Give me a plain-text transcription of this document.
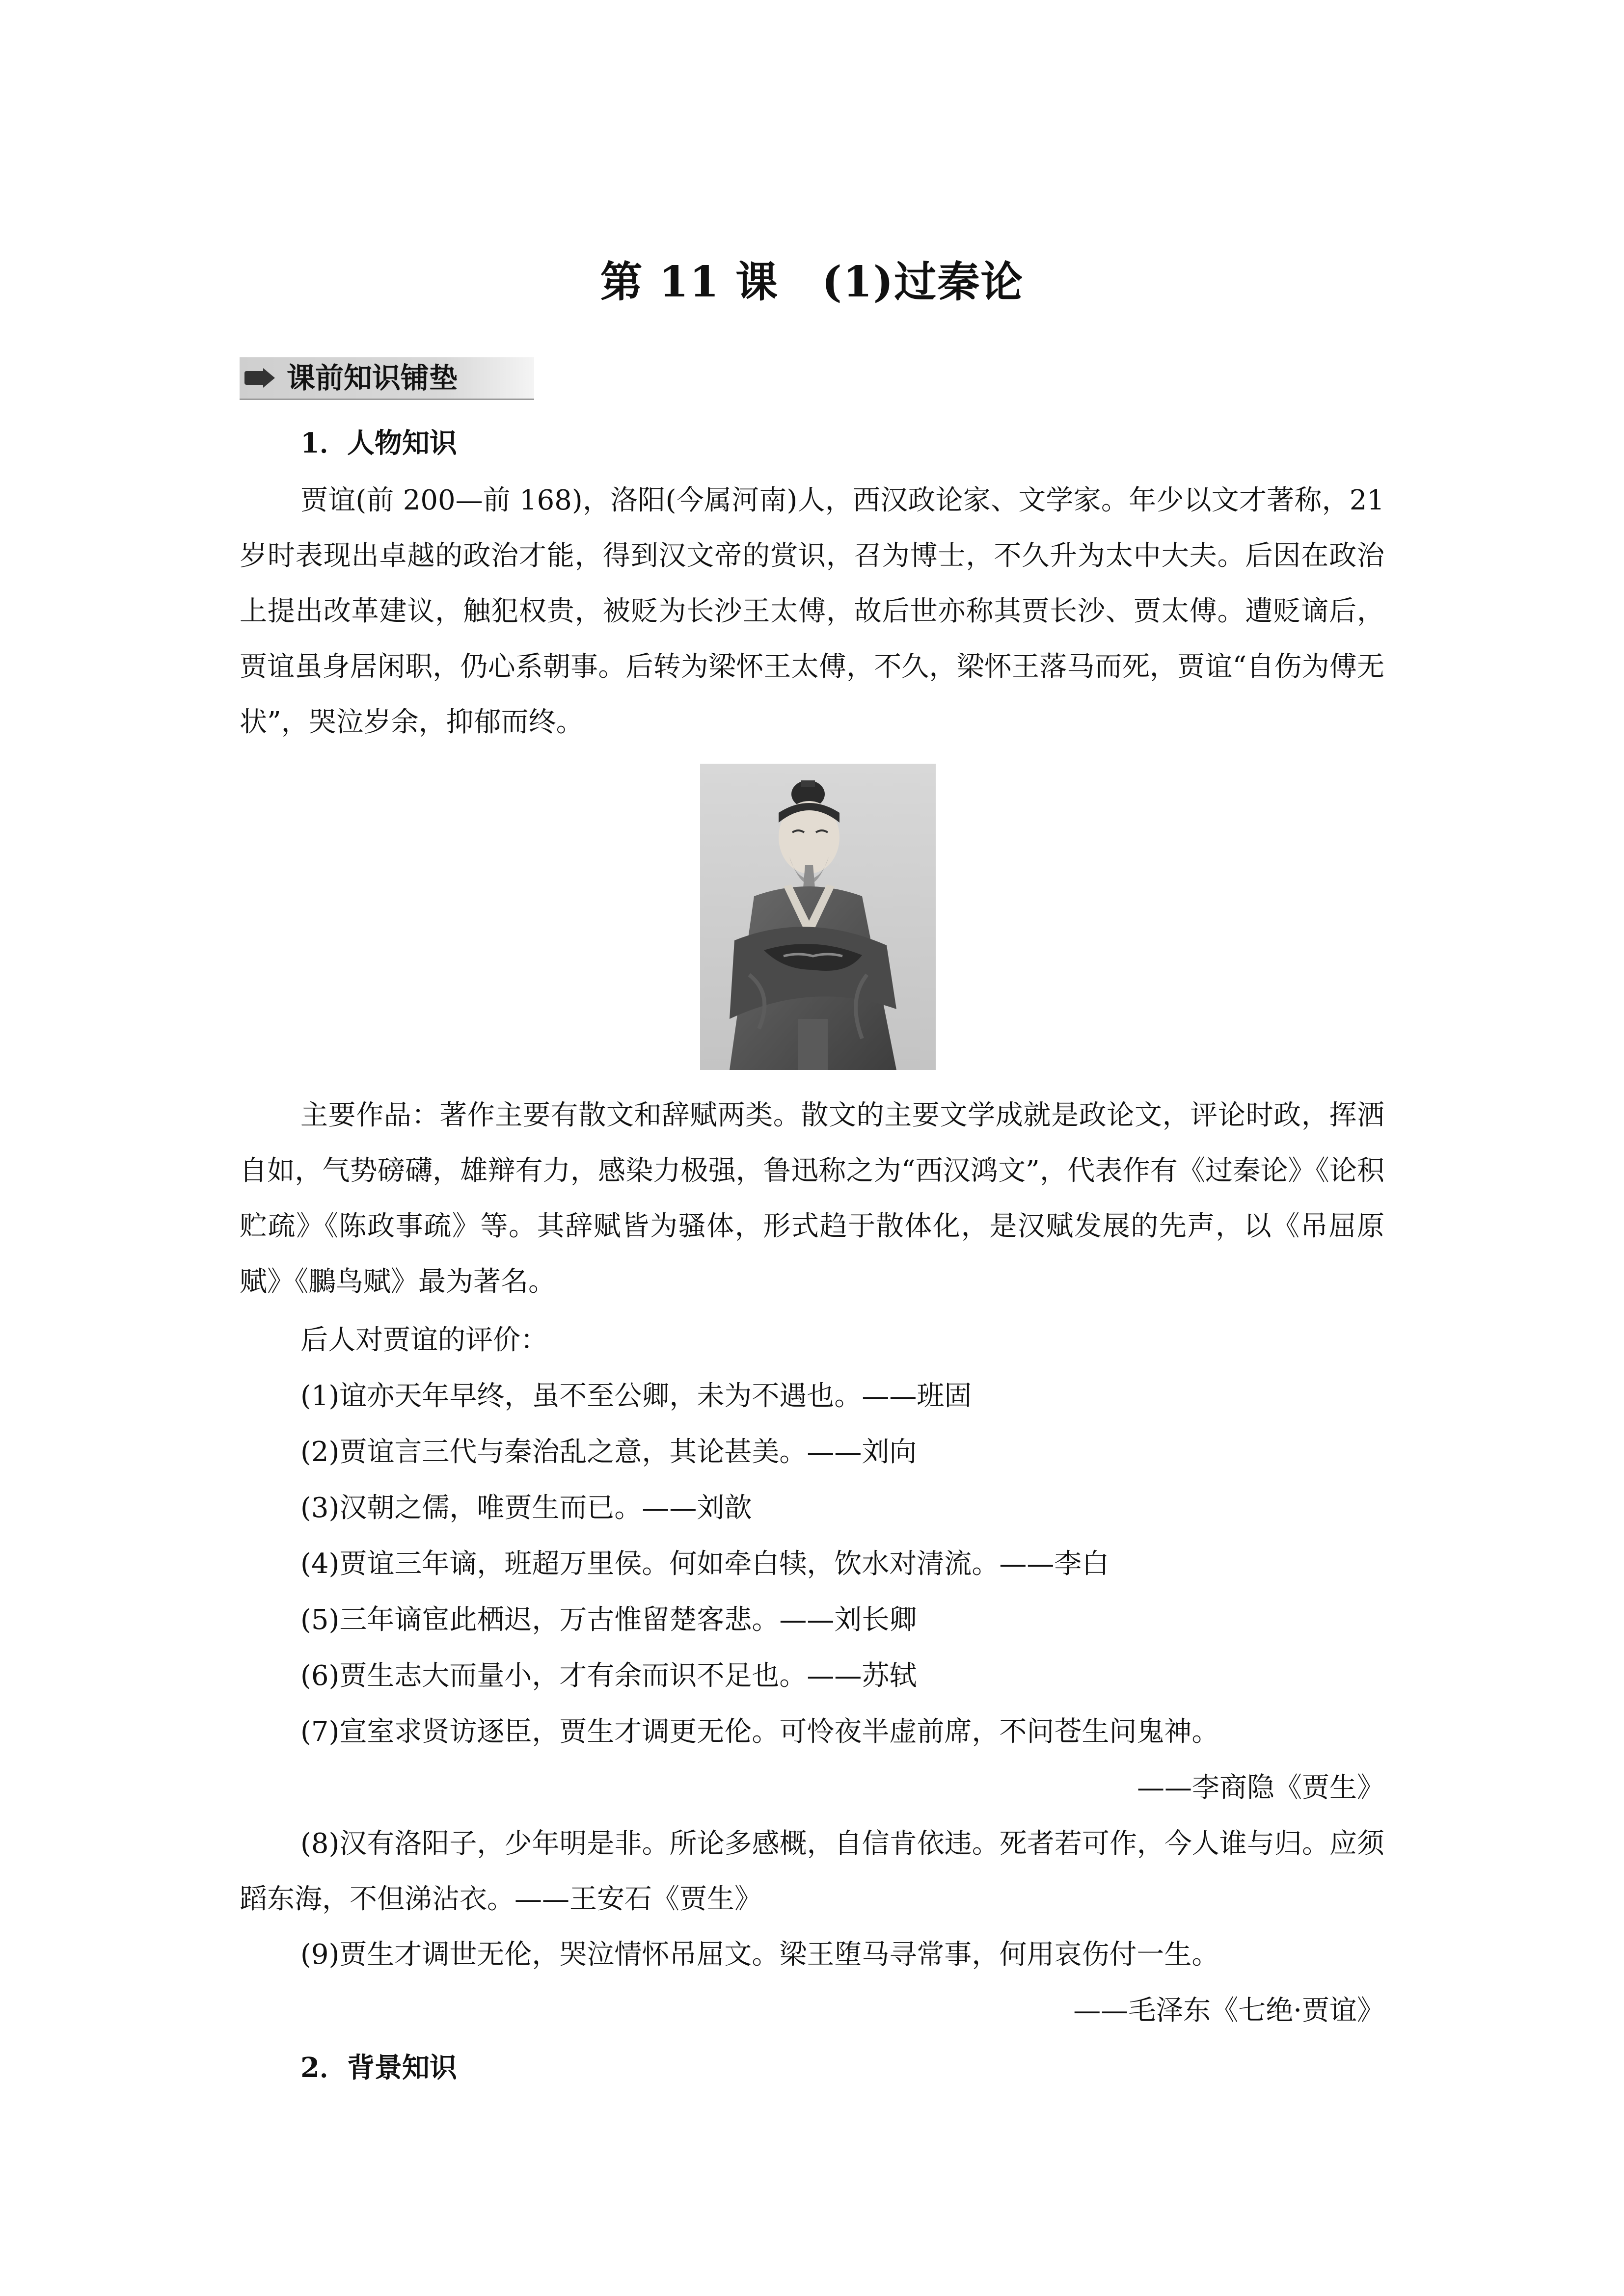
第 11 课　(1)过秦论
课前知识铺垫
1．人物知识
贾谊(前 200—前 168)，洛阳(今属河南)人，西汉政论家、文学家。年少以文才著称，21岁时表现出卓越的政治才能，得到汉文帝的赏识，召为博士，不久升为太中大夫。后因在政治上提出改革建议，触犯权贵，被贬为长沙王太傅，故后世亦称其贾长沙、贾太傅。遭贬谪后，贾谊虽身居闲职，仍心系朝事。后转为梁怀王太傅，不久，梁怀王落马而死，贾谊“自伤为傅无状”，哭泣岁余，抑郁而终。
主要作品：著作主要有散文和辞赋两类。散文的主要文学成就是政论文，评论时政，挥洒自如，气势磅礴，雄辩有力，感染力极强，鲁迅称之为“西汉鸿文”，代表作有《过秦论》《论积贮疏》《陈政事疏》等。其辞赋皆为骚体，形式趋于散体化，是汉赋发展的先声，以《吊屈原赋》《鵩鸟赋》最为著名。
后人对贾谊的评价：
(1)谊亦天年早终，虽不至公卿，未为不遇也。——班固
(2)贾谊言三代与秦治乱之意，其论甚美。——刘向
(3)汉朝之儒，唯贾生而已。——刘歆
(4)贾谊三年谪，班超万里侯。何如牵白犊，饮水对清流。——李白
(5)三年谪宦此栖迟，万古惟留楚客悲。——刘长卿
(6)贾生志大而量小，才有余而识不足也。——苏轼
(7)宣室求贤访逐臣，贾生才调更无伦。可怜夜半虚前席，不问苍生问鬼神。
——李商隐《贾生》
(8)汉有洛阳子，少年明是非。所论多感概，自信肯依违。死者若可作，今人谁与归。应须蹈东海，不但涕沾衣。——王安石《贾生》
(9)贾生才调世无伦，哭泣情怀吊屈文。梁王堕马寻常事，何用哀伤付一生。
——毛泽东《七绝·贾谊》
2．背景知识
